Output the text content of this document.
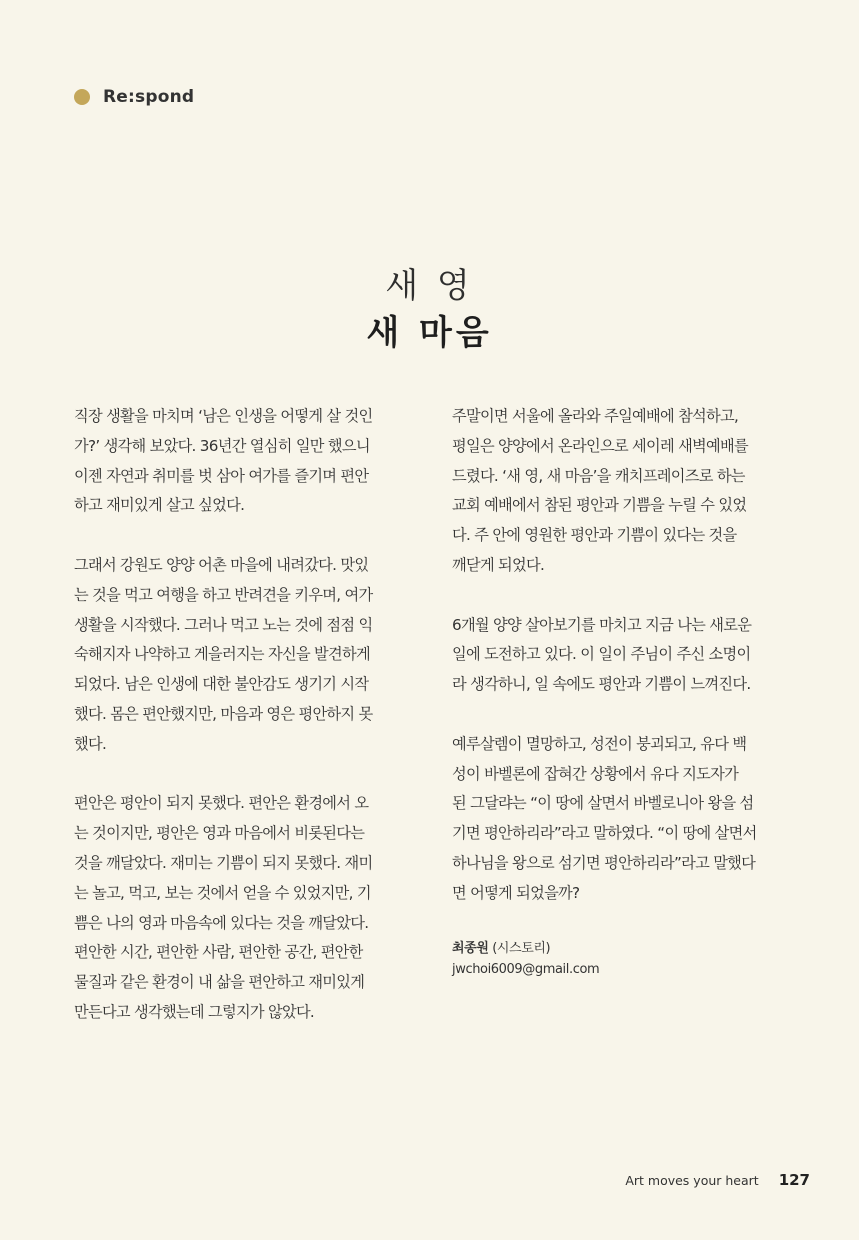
Re:spond
새 영
새 마음

직장 생활을 마치며 ‘남은 인생을 어떻게 살 것인
가?’ 생각해 보았다. 36년간 열심히 일만 했으니
이젠 자연과 취미를 벗 삼아 여가를 즐기며 편안
하고 재미있게 살고 싶었다.

그래서 강원도 양양 어촌 마을에 내려갔다. 맛있
는 것을 먹고 여행을 하고 반려견을 키우며, 여가
생활을 시작했다. 그러나 먹고 노는 것에 점점 익
숙해지자 나약하고 게을러지는 자신을 발견하게
되었다. 남은 인생에 대한 불안감도 생기기 시작
했다. 몸은 편안했지만, 마음과 영은 평안하지 못
했다.

편안은 평안이 되지 못했다. 편안은 환경에서 오
는 것이지만, 평안은 영과 마음에서 비롯된다는
것을 깨달았다. 재미는 기쁨이 되지 못했다. 재미
는 놀고, 먹고, 보는 것에서 얻을 수 있었지만, 기
쁨은 나의 영과 마음속에 있다는 것을 깨달았다.
편안한 시간, 편안한 사람, 편안한 공간, 편안한
물질과 같은 환경이 내 삶을 편안하고 재미있게
만든다고 생각했는데 그렇지가 않았다.

주말이면 서울에 올라와 주일예배에 참석하고,
평일은 양양에서 온라인으로 세이레 새벽예배를
드렸다. ‘새 영, 새 마음’을 캐치프레이즈로 하는
교회 예배에서 참된 평안과 기쁨을 누릴 수 있었
다. 주 안에 영원한 평안과 기쁨이 있다는 것을
깨닫게 되었다.

6개월 양양 살아보기를 마치고 지금 나는 새로운
일에 도전하고 있다. 이 일이 주님이 주신 소명이
라 생각하니, 일 속에도 평안과 기쁨이 느껴진다.

예루살렘이 멸망하고, 성전이 붕괴되고, 유다 백
성이 바벨론에 잡혀간 상황에서 유다 지도자가
된 그달랴는 “이 땅에 살면서 바벨로니아 왕을 섬
기면 평안하리라”라고 말하였다. “이 땅에 살면서
하나님을 왕으로 섬기면 평안하리라”라고 말했다
면 어떻게 되었을까?

최종원 (시스토리)
jwchoi6009@gmail.com
Art moves your heart 127
